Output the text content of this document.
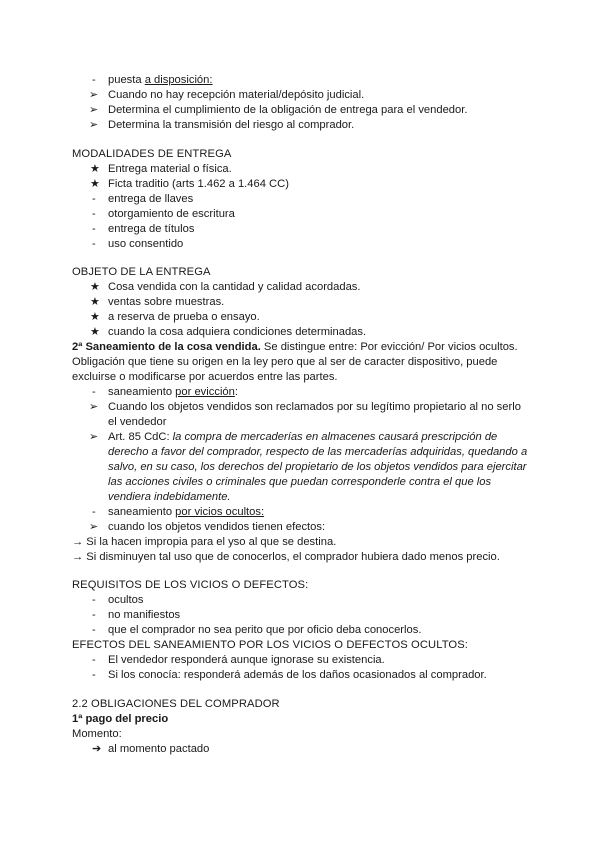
- puesta a disposición:
➢ Cuando no hay recepción material/depósito judicial.
➢ Determina el cumplimiento de la obligación de entrega para el vendedor.
➢ Determina la transmisión del riesgo al comprador.
MODALIDADES DE ENTREGA
★ Entrega material o física.
★ Ficta traditio (arts 1.462 a 1.464 CC)
- entrega de llaves
- otorgamiento de escritura
- entrega de títulos
- uso consentido
OBJETO DE LA ENTREGA
★ Cosa vendida con la cantidad y calidad acordadas.
★ ventas sobre muestras.
★ a reserva de prueba o ensayo.
★ cuando la cosa adquiera condiciones determinadas.
2ª Saneamiento de la cosa vendida. Se distingue entre: Por evicción/ Por vicios ocultos.
Obligación que tiene su origen en la ley pero que al ser de caracter dispositivo, puede
excluirse o modificarse por acuerdos entre las partes.
- saneamiento por evicción:
➢ Cuando los objetos vendidos son reclamados por su legítimo propietario al no serlo
el vendedor
➢ Art. 85 CdC: la compra de mercaderías en almacenes causará prescripción de
derecho a favor del comprador, respecto de las mercaderías adquiridas, quedando a
salvo, en su caso, los derechos del propietario de los objetos vendidos para ejercitar
las acciones civiles o criminales que puedan corresponderle contra el que los
vendiera indebidamente.
- saneamiento por vicios ocultos:
➢ cuando los objetos vendidos tienen efectos:
→ Si la hacen impropia para el yso al que se destina.
→ Si disminuyen tal uso que de conocerlos, el comprador hubiera dado menos precio.
REQUISITOS DE LOS VICIOS O DEFECTOS:
- ocultos
- no manifiestos
- que el comprador no sea perito que por oficio deba conocerlos.
EFECTOS DEL SANEAMIENTO POR LOS VICIOS O DEFECTOS OCULTOS:
- El vendedor responderá aunque ignorase su existencia.
- Si los conocía: responderá además de los daños ocasionados al comprador.
2.2 OBLIGACIONES DEL COMPRADOR
1ª pago del precio
Momento:
➔ al momento pactado
